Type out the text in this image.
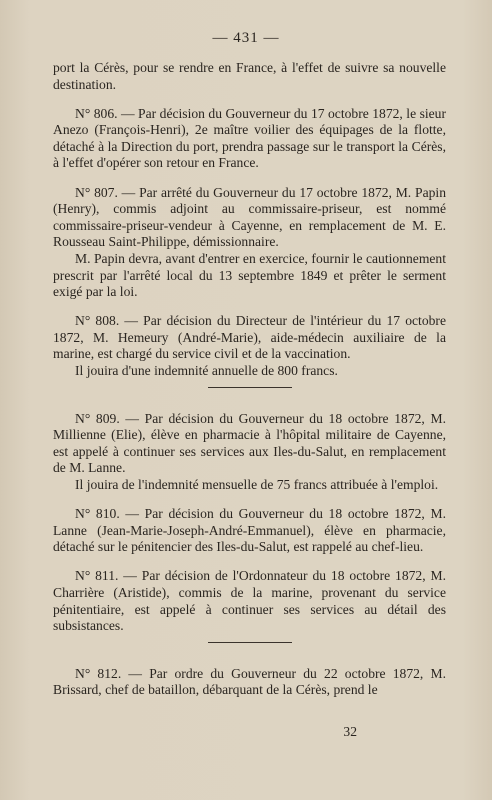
— 431 —

port la Cérès, pour se rendre en France, à l'effet de suivre sa nouvelle destination.

N° 806. — Par décision du Gouverneur du 17 octobre 1872, le sieur Anezo (François-Henri), 2e maître voilier des équipages de la flotte, détaché à la Direction du port, prendra passage sur le transport la Cérès, à l'effet d'opérer son retour en France.

N° 807. — Par arrêté du Gouverneur du 17 octobre 1872, M. Papin (Henry), commis adjoint au commissaire-priseur, est nommé commissaire-priseur-vendeur à Cayenne, en remplacement de M. E. Rousseau Saint-Philippe, démissionnaire.

M. Papin devra, avant d'entrer en exercice, fournir le cautionnement prescrit par l'arrêté local du 13 septembre 1849 et prêter le serment exigé par la loi.

N° 808. — Par décision du Directeur de l'intérieur du 17 octobre 1872, M. Hemeury (André-Marie), aide-médecin auxiliaire de la marine, est chargé du service civil et de la vaccination.

Il jouira d'une indemnité annuelle de 800 francs.

N° 809. — Par décision du Gouverneur du 18 octobre 1872, M. Millienne (Elie), élève en pharmacie à l'hôpital militaire de Cayenne, est appelé à continuer ses services aux Iles-du-Salut, en remplacement de M. Lanne.

Il jouira de l'indemnité mensuelle de 75 francs attribuée à l'emploi.

N° 810. — Par décision du Gouverneur du 18 octobre 1872, M. Lanne (Jean-Marie-Joseph-André-Emmanuel), élève en pharmacie, détaché sur le pénitencier des Iles-du-Salut, est rappelé au chef-lieu.

N° 811. — Par décision de l'Ordonnateur du 18 octobre 1872, M. Charrière (Aristide), commis de la marine, provenant du service pénitentiaire, est appelé à continuer ses services au détail des subsistances.

N° 812. — Par ordre du Gouverneur du 22 octobre 1872, M. Brissard, chef de bataillon, débarquant de la Cérès, prend le

32
